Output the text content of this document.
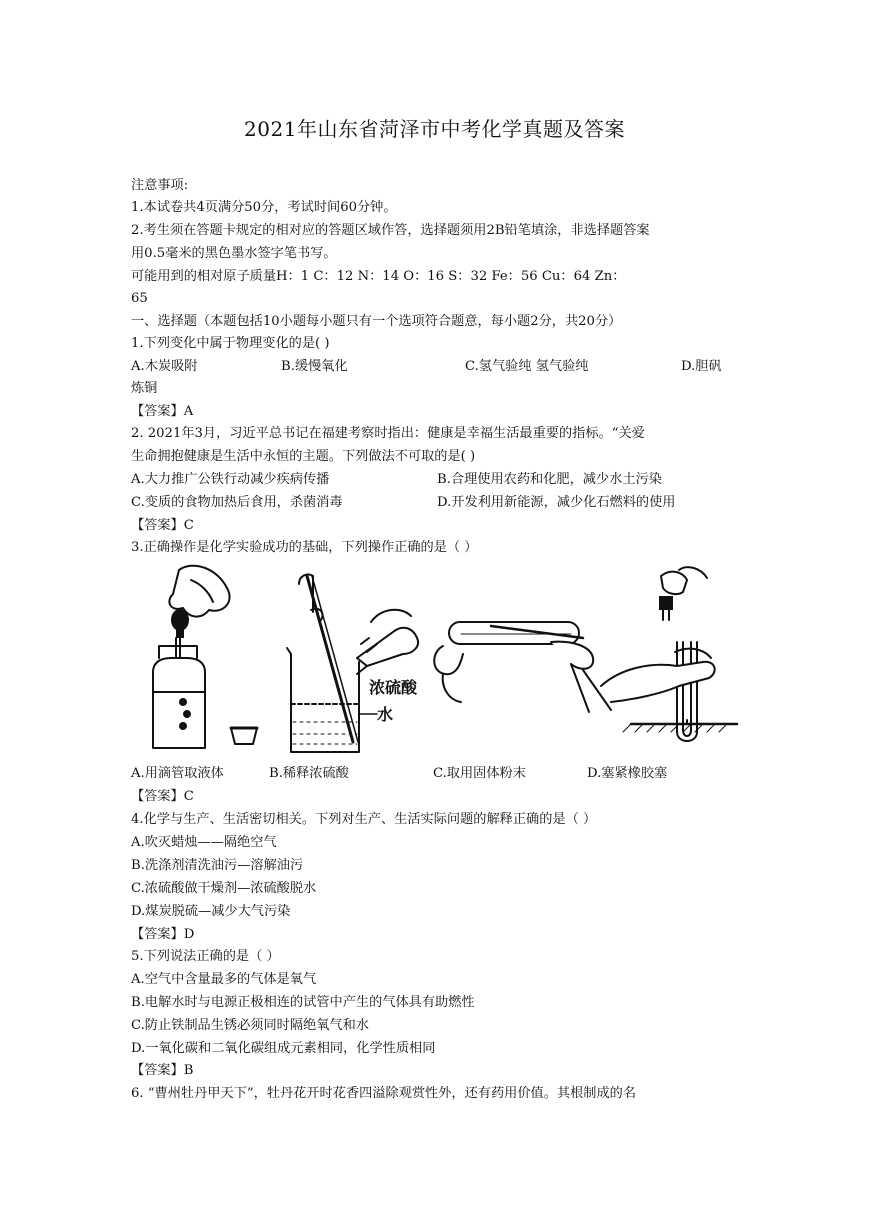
2021年山东省菏泽市中考化学真题及答案
注意事项:
1.本试卷共4页满分50分，考试时间60分钟。
2.考生须在答题卡规定的相对应的答题区域作答，选择题须用2B铅笔填涂，非选择题答案
用0.5毫米的黑色墨水签字笔书写。
可能用到的相对原子质量H：1 C：12 N：14 O：16 S：32 Fe：56 Cu：64 Zn：
65
一、选择题（本题包括10小题每小题只有一个选项符合题意，每小题2分，共20分）
1.下列变化中属于物理变化的是( )
A.木炭吸附	B.缓慢氧化	C.氢气验纯 氢气验纯	D.胆矾
炼铜
【答案】A
2. 2021年3月，习近平总书记在福建考察时指出：健康是幸福生活最重要的指标。“关爱
生命拥抱健康是生活中永恒的主题。下列做法不可取的是( )
A.大力推广公铁行动减少疾病传播	B.合理使用农药和化肥，减少水土污染
C.变质的食物加热后食用，杀菌消毒	D.开发利用新能源，减少化石燃料的使用
【答案】C
3.正确操作是化学实验成功的基础，下列操作正确的是（ ）
浓硫酸
水
A.用滴管取液体	B.稀释浓硫酸	C.取用固体粉末	D.塞紧橡胶塞
【答案】C
4.化学与生产、生活密切相关。下列对生产、生活实际问题的解释正确的是（ ）
A.吹灭蜡烛——隔绝空气
B.洗涤剂清洗油污—溶解油污
C.浓硫酸做干燥剂—浓硫酸脱水
D.煤炭脱硫—减少大气污染
【答案】D
5.下列说法正确的是（ ）
A.空气中含量最多的气体是氧气
B.电解水时与电源正极相连的试管中产生的气体具有助燃性
C.防止铁制品生锈必须同时隔绝氧气和水
D.一氧化碳和二氧化碳组成元素相同，化学性质相同
【答案】B
6. “曹州牡丹甲天下”，牡丹花开时花香四溢除观赏性外，还有药用价值。其根制成的名
